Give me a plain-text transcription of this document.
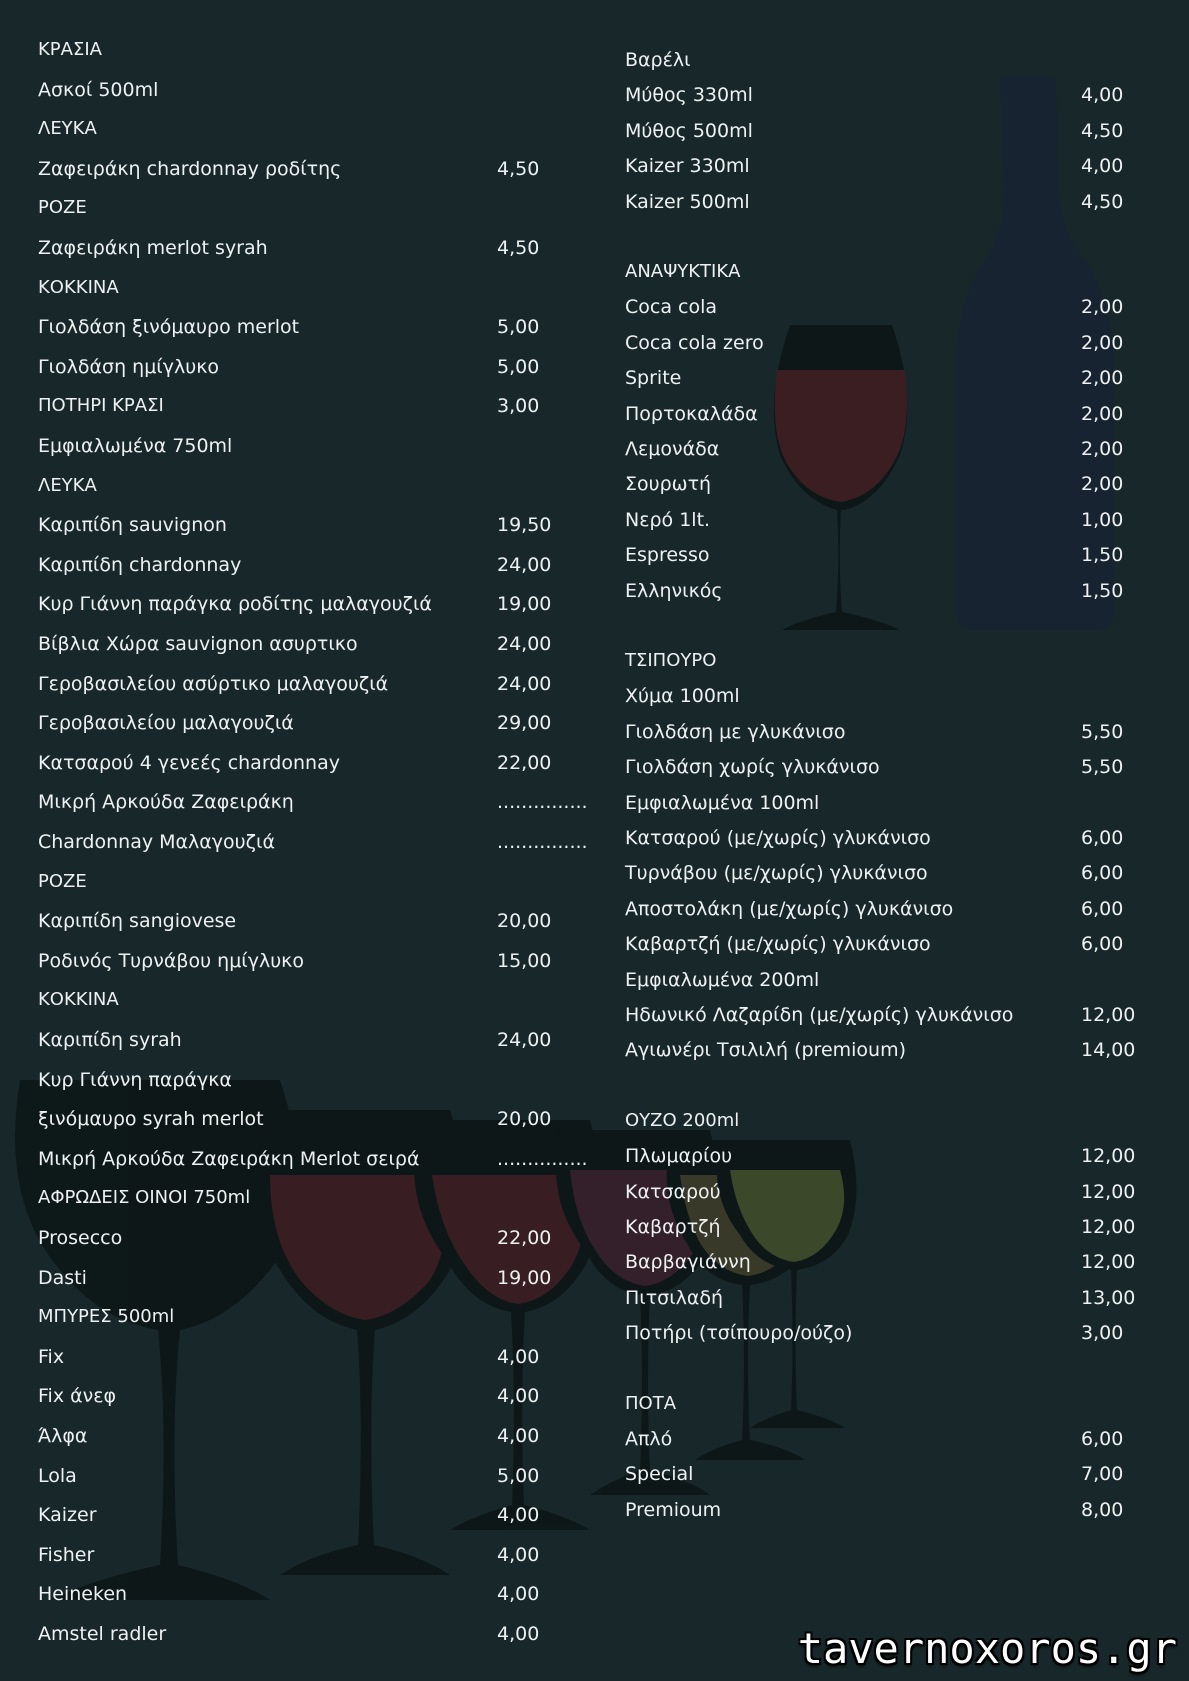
ΚΡΑΣΙΑ
Ασκοί 500ml
ΛΕΥΚΑ
Ζαφειράκη chardonnay ροδίτης	4,50
ΡΟΖΕ
Ζαφειράκη merlot syrah	4,50
ΚΟΚΚΙΝΑ
Γιολδάση ξινόμαυρο merlot	5,00
Γιολδάση ημίγλυκο	5,00
ΠΟΤΗΡΙ ΚΡΑΣΙ	3,00
Εμφιαλωμένα 750ml
ΛΕΥΚΑ
Καριπίδη sauvignon	19,50
Καριπίδη chardonnay	24,00
Κυρ Γιάννη παράγκα ροδίτης μαλαγουζιά	19,00
Βίβλια Χώρα sauvignon ασυρτικο	24,00
Γεροβασιλείου ασύρτικο μαλαγουζιά	24,00
Γεροβασιλείου μαλαγουζιά	29,00
Κατσαρού 4 γενεές chardonnay	22,00
Μικρή Αρκούδα Ζαφειράκη	...............
Chardonnay Μαλαγουζιά	...............
ΡΟΖΕ
Καριπίδη sangiovese	20,00
Ροδινός Τυρνάβου ημίγλυκο	15,00
ΚΟΚΚΙΝΑ
Καριπίδη syrah	24,00
Κυρ Γιάννη παράγκα
ξινόμαυρο syrah merlot	20,00
Μικρή Αρκούδα Ζαφειράκη Merlot σειρά	...............
ΑΦΡΩΔΕΙΣ ΟΙΝΟΙ 750ml
Prosecco	22,00
Dasti	19,00
ΜΠΥΡΕΣ 500ml
Fix	4,00
Fix άνεφ	4,00
Άλφα	4,00
Lola	5,00
Kaizer	4,00
Fisher	4,00
Heineken	4,00
Amstel radler	4,00
Βαρέλι
Μύθος 330ml	4,00
Μύθος 500ml	4,50
Kaizer 330ml	4,00
Kaizer 500ml	4,50
ΑΝΑΨΥΚΤΙΚΑ
Coca cola	2,00
Coca cola zero	2,00
Sprite	2,00
Πορτοκαλάδα	2,00
Λεμονάδα	2,00
Σουρωτή	2,00
Νερό 1lt.	1,00
Espresso	1,50
Ελληνικός	1,50
ΤΣΙΠΟΥΡΟ
Χύμα 100ml
Γιολδάση με γλυκάνισο	5,50
Γιολδάση χωρίς γλυκάνισο	5,50
Εμφιαλωμένα 100ml
Κατσαρού (με/χωρίς) γλυκάνισο	6,00
Τυρνάβου (με/χωρίς) γλυκάνισο	6,00
Αποστολάκη (με/χωρίς) γλυκάνισο	6,00
Καβαρτζή (με/χωρίς) γλυκάνισο	6,00
Εμφιαλωμένα 200ml
Ηδωνικό Λαζαρίδη (με/χωρίς) γλυκάνισο	12,00
Αγιωνέρι Τσιλιλή (premioum)	14,00
ΟΥΖΟ 200ml
Πλωμαρίου	12,00
Κατσαρού	12,00
Καβαρτζή	12,00
Βαρβαγιάννη	12,00
Πιτσιλαδή	13,00
Ποτήρι (τσίπουρο/ούζο)	3,00
ΠΟΤΑ
Απλό	6,00
Special	7,00
Premioum	8,00
tavernoxoros.gr
